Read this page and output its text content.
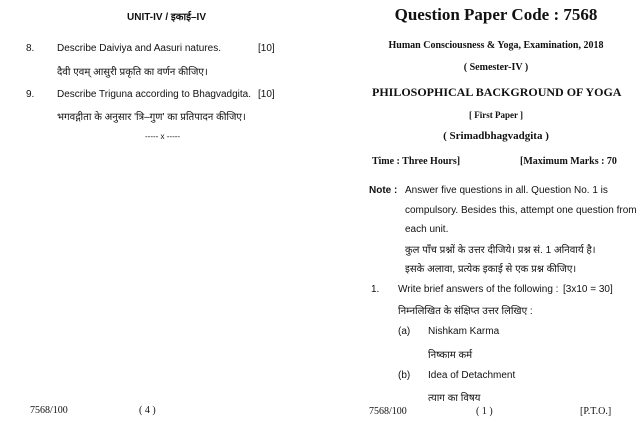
UNIT-IV / इकाई–IV
8. Describe Daiviya and Aasuri natures.	[10]
दैवी एवम् आसुरी प्रकृति का वर्णन कीजिए।
9. Describe Triguna according to Bhagvadgita. [10]
भगवद्गीता के अनुसार 'त्रि–गुण' का प्रतिपादन कीजिए।
----- x -----
7568/100	( 4 )
Question Paper Code : 7568
Human Consciousness & Yoga, Examination, 2018
( Semester-IV )
PHILOSOPHICAL BACKGROUND OF YOGA
[ First Paper ]
( Srimadbhagvadgita )
Time : Three Hours]	[Maximum Marks : 70
Note : Answer five questions in all. Question No. 1 is
compulsory. Besides this, attempt one question from
each unit.
कुल पाँच प्रश्नों के उत्तर दीजिये। प्रश्न सं. 1 अनिवार्य है।
इसके अलावा, प्रत्येक इकाई से एक प्रश्न कीजिए।
1. Write brief answers of the following : [3x10 = 30]
निम्नलिखित के संक्षिप्त उत्तर लिखिए :
(a) Nishkam Karma
निष्काम कर्म
(b) Idea of Detachment
त्याग का विषय
7568/100	( 1 )	[P.T.O.]
